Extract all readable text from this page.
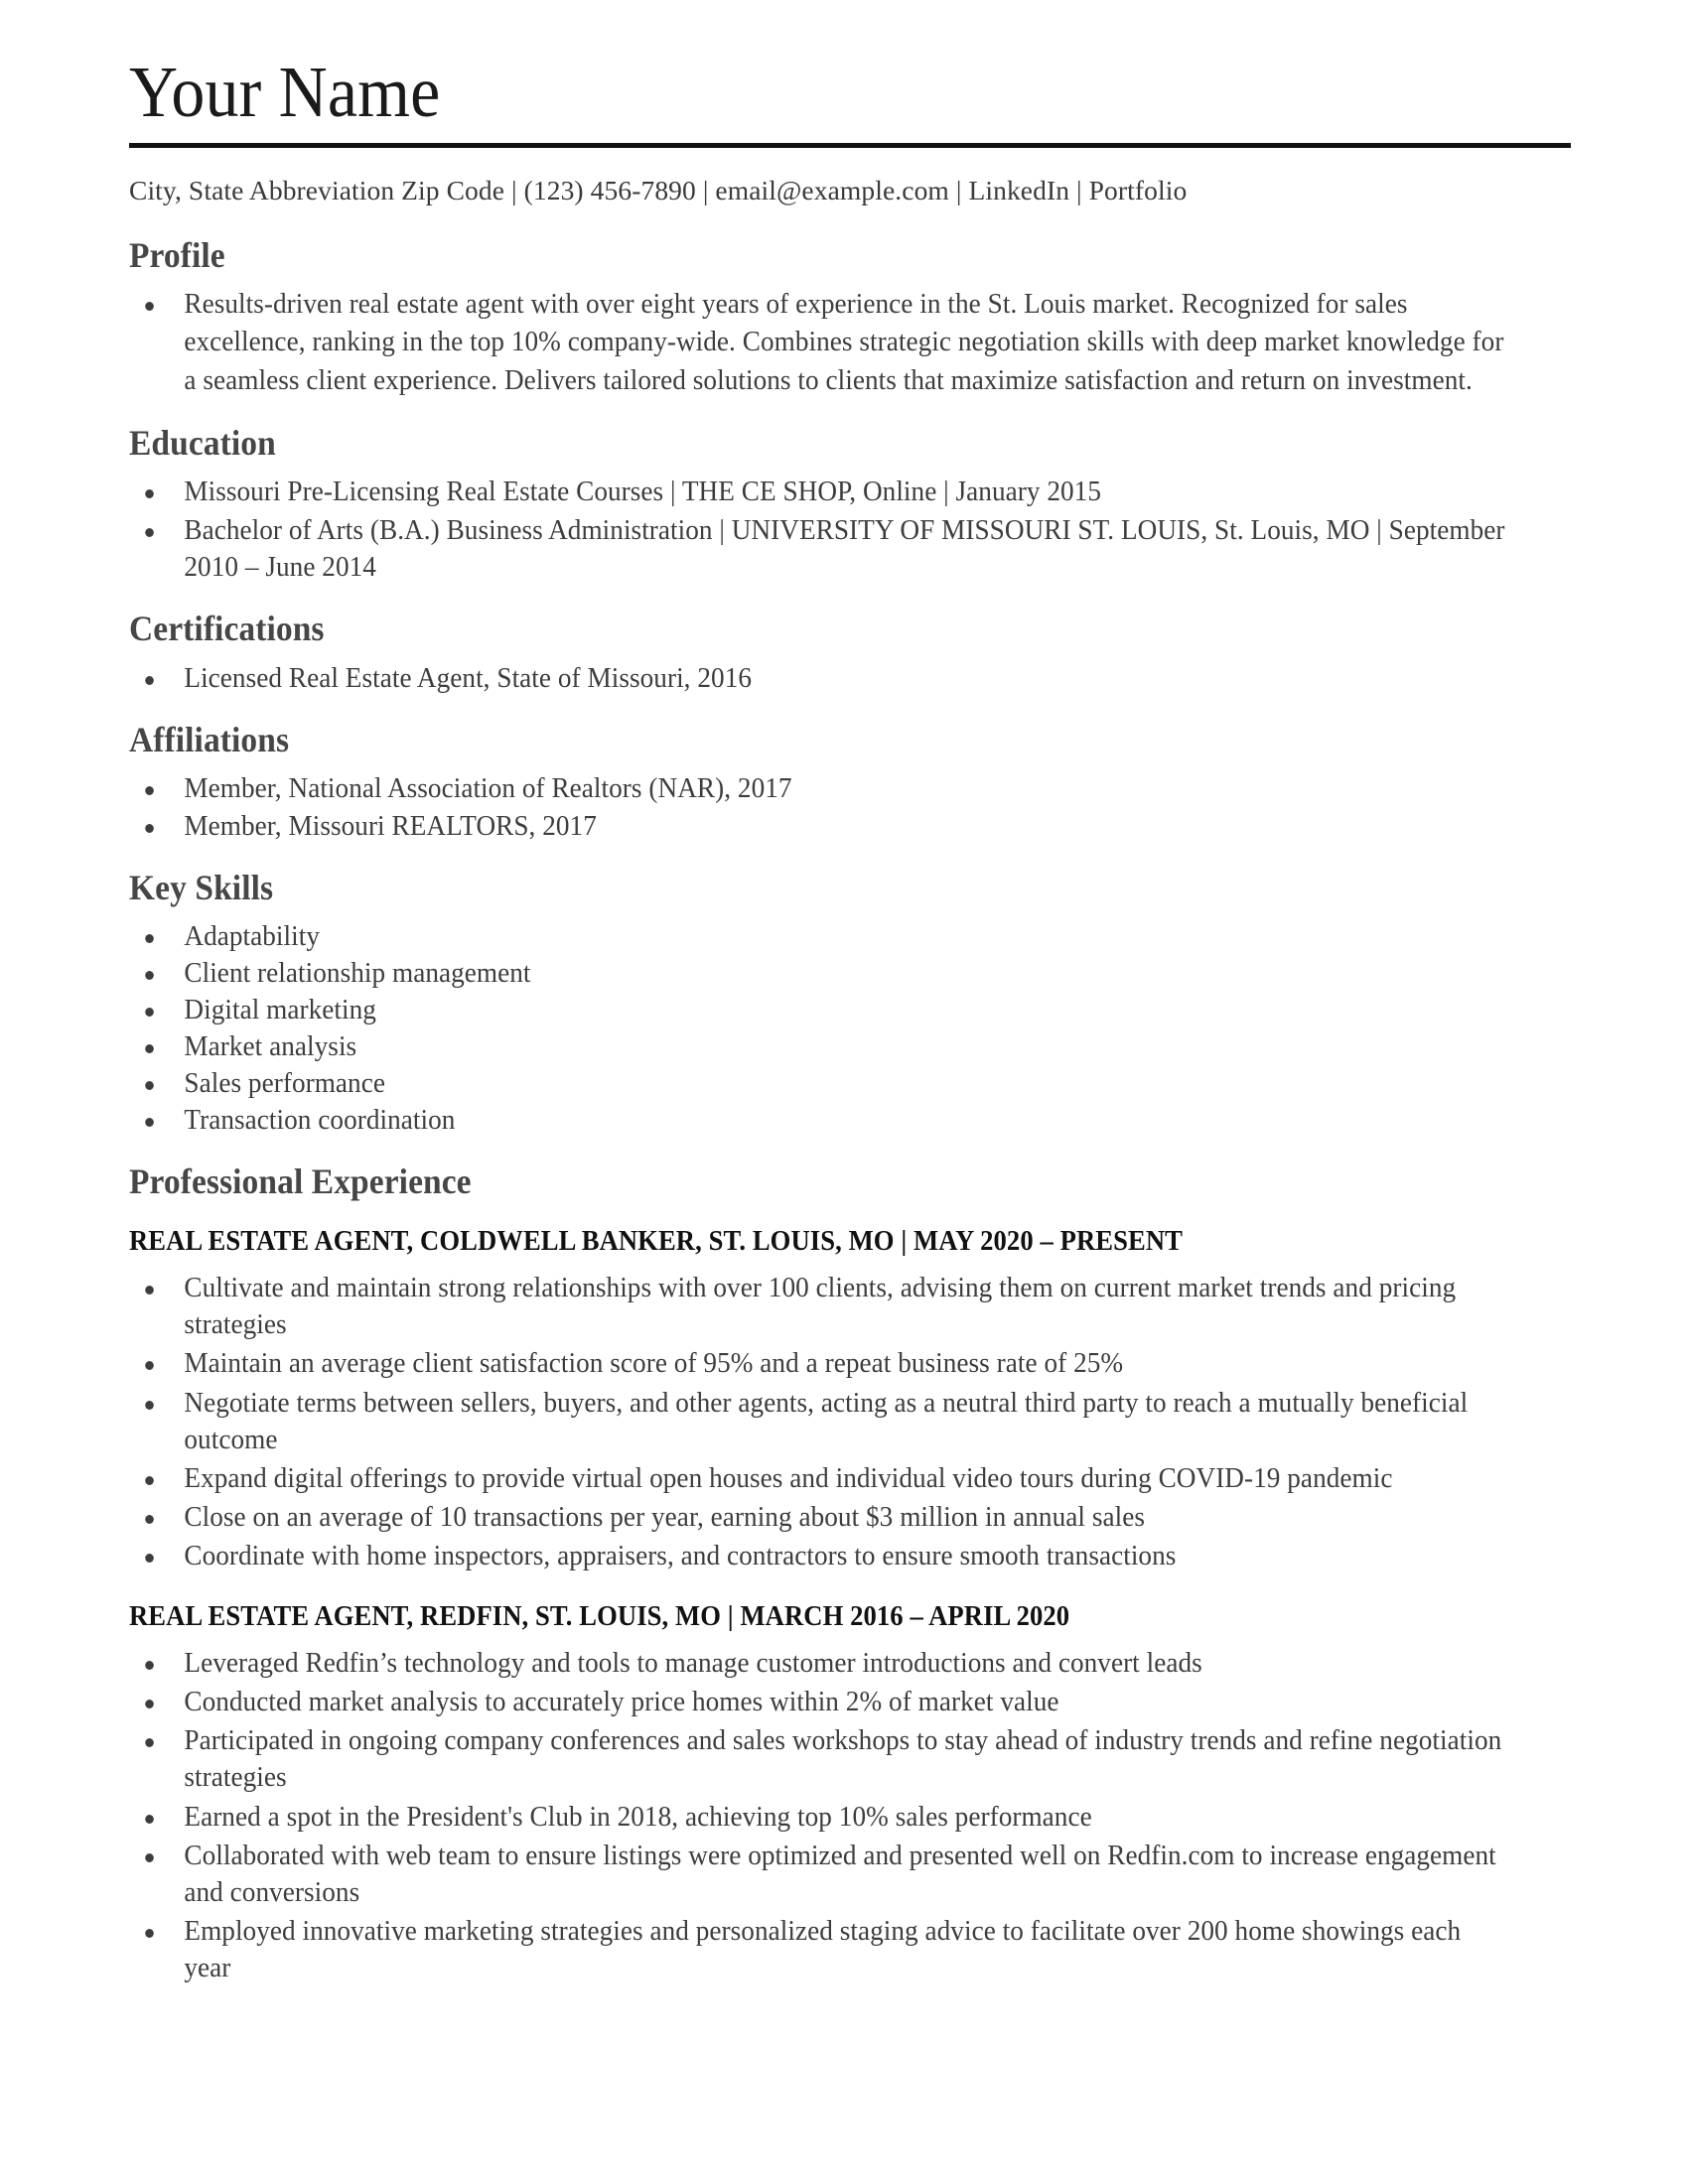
Your Name
City, State Abbreviation Zip Code | (123) 456-7890 | email@example.com | LinkedIn | Portfolio
Profile
Results-driven real estate agent with over eight years of experience in the St. Louis market. Recognized for sales excellence, ranking in the top 10% company-wide. Combines strategic negotiation skills with deep market knowledge for a seamless client experience. Delivers tailored solutions to clients that maximize satisfaction and return on investment.
Education
Missouri Pre-Licensing Real Estate Courses | THE CE SHOP, Online | January 2015
Bachelor of Arts (B.A.) Business Administration | UNIVERSITY OF MISSOURI ST. LOUIS, St. Louis, MO | September 2010 – June 2014
Certifications
Licensed Real Estate Agent, State of Missouri, 2016
Affiliations
Member, National Association of Realtors (NAR), 2017
Member, Missouri REALTORS, 2017
Key Skills
Adaptability
Client relationship management
Digital marketing
Market analysis
Sales performance
Transaction coordination
Professional Experience
REAL ESTATE AGENT, COLDWELL BANKER, ST. LOUIS, MO | MAY 2020 – PRESENT
Cultivate and maintain strong relationships with over 100 clients, advising them on current market trends and pricing strategies
Maintain an average client satisfaction score of 95% and a repeat business rate of 25%
Negotiate terms between sellers, buyers, and other agents, acting as a neutral third party to reach a mutually beneficial outcome
Expand digital offerings to provide virtual open houses and individual video tours during COVID-19 pandemic
Close on an average of 10 transactions per year, earning about $3 million in annual sales
Coordinate with home inspectors, appraisers, and contractors to ensure smooth transactions
REAL ESTATE AGENT, REDFIN, ST. LOUIS, MO | MARCH 2016 – APRIL 2020
Leveraged Redfin’s technology and tools to manage customer introductions and convert leads
Conducted market analysis to accurately price homes within 2% of market value
Participated in ongoing company conferences and sales workshops to stay ahead of industry trends and refine negotiation strategies
Earned a spot in the President's Club in 2018, achieving top 10% sales performance
Collaborated with web team to ensure listings were optimized and presented well on Redfin.com to increase engagement and conversions
Employed innovative marketing strategies and personalized staging advice to facilitate over 200 home showings each year
